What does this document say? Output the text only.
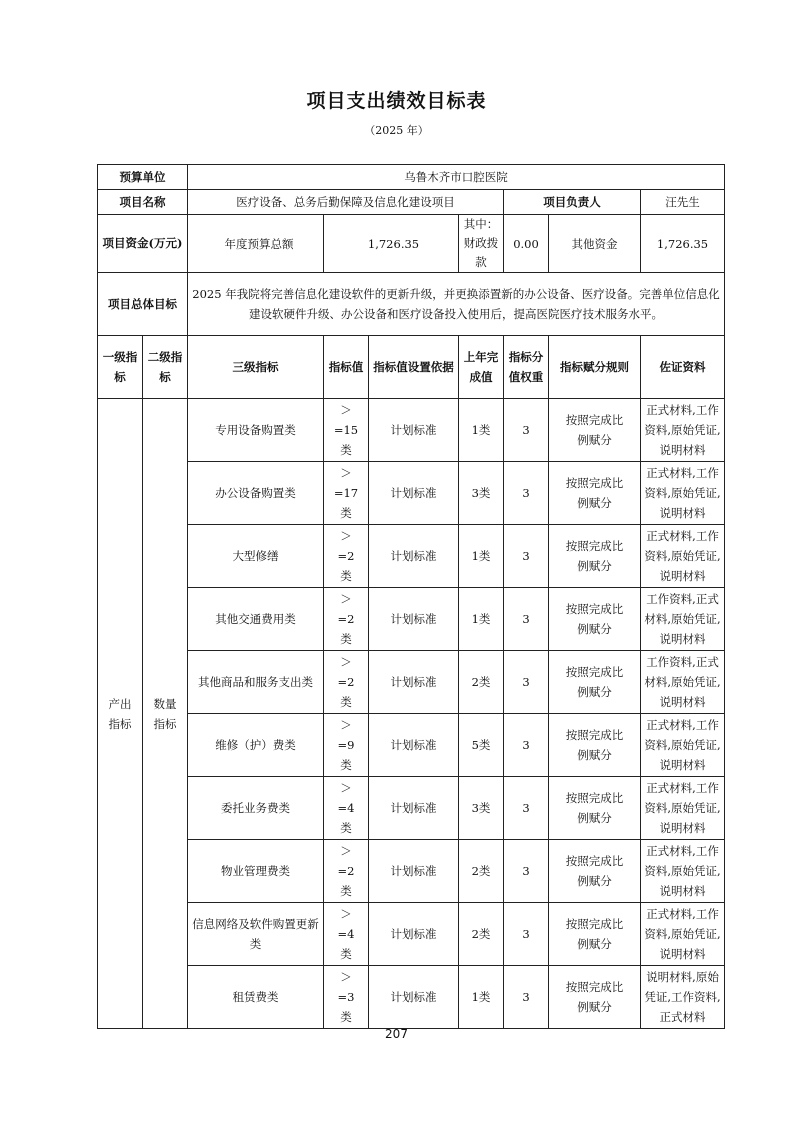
项目支出绩效目标表
（2025 年）
预算单位		乌鲁木齐市口腔医院						
项目名称		医疗设备、总务后勤保障及信息化建设项目				项目负责人		汪先生
项目资金(万元)		年度预算总额	1,726.35		其中：财政拨款	0.00	其他资金	1,726.35
项目总体目标		2025 年我院将完善信息化建设软件的更新升级，并更换添置新的办公设备、医疗设备。完善单位信息化建设软硬件升级、办公设备和医疗设备投入使用后，提高医院医疗技术服务水平。						
一级指标	二级指标	三级指标	指标值	指标值设置依据	上年完成值	指标分值权重	指标赋分规则	佐证资料
产出指标	数量指标	专用设备购置类	＞=15类	计划标准	1类	3	按照完成比例赋分	正式材料,工作资料,原始凭证,说明材料
		办公设备购置类	＞=17类	计划标准	3类	3	按照完成比例赋分	正式材料,工作资料,原始凭证,说明材料
		大型修缮	＞=2类	计划标准	1类	3	按照完成比例赋分	正式材料,工作资料,原始凭证,说明材料
		其他交通费用类	＞=2类	计划标准	1类	3	按照完成比例赋分	工作资料,正式材料,原始凭证,说明材料
		其他商品和服务支出类	＞=2类	计划标准	2类	3	按照完成比例赋分	工作资料,正式材料,原始凭证,说明材料
		维修（护）费类	＞=9类	计划标准	5类	3	按照完成比例赋分	正式材料,工作资料,原始凭证,说明材料
		委托业务费类	＞=4类	计划标准	3类	3	按照完成比例赋分	正式材料,工作资料,原始凭证,说明材料
		物业管理费类	＞=2类	计划标准	2类	3	按照完成比例赋分	正式材料,工作资料,原始凭证,说明材料
		信息网络及软件购置更新类	＞=4类	计划标准	2类	3	按照完成比例赋分	正式材料,工作资料,原始凭证,说明材料
		租赁费类	＞=3类	计划标准	1类	3	按照完成比例赋分	说明材料,原始凭证,工作资料,正式材料
207
